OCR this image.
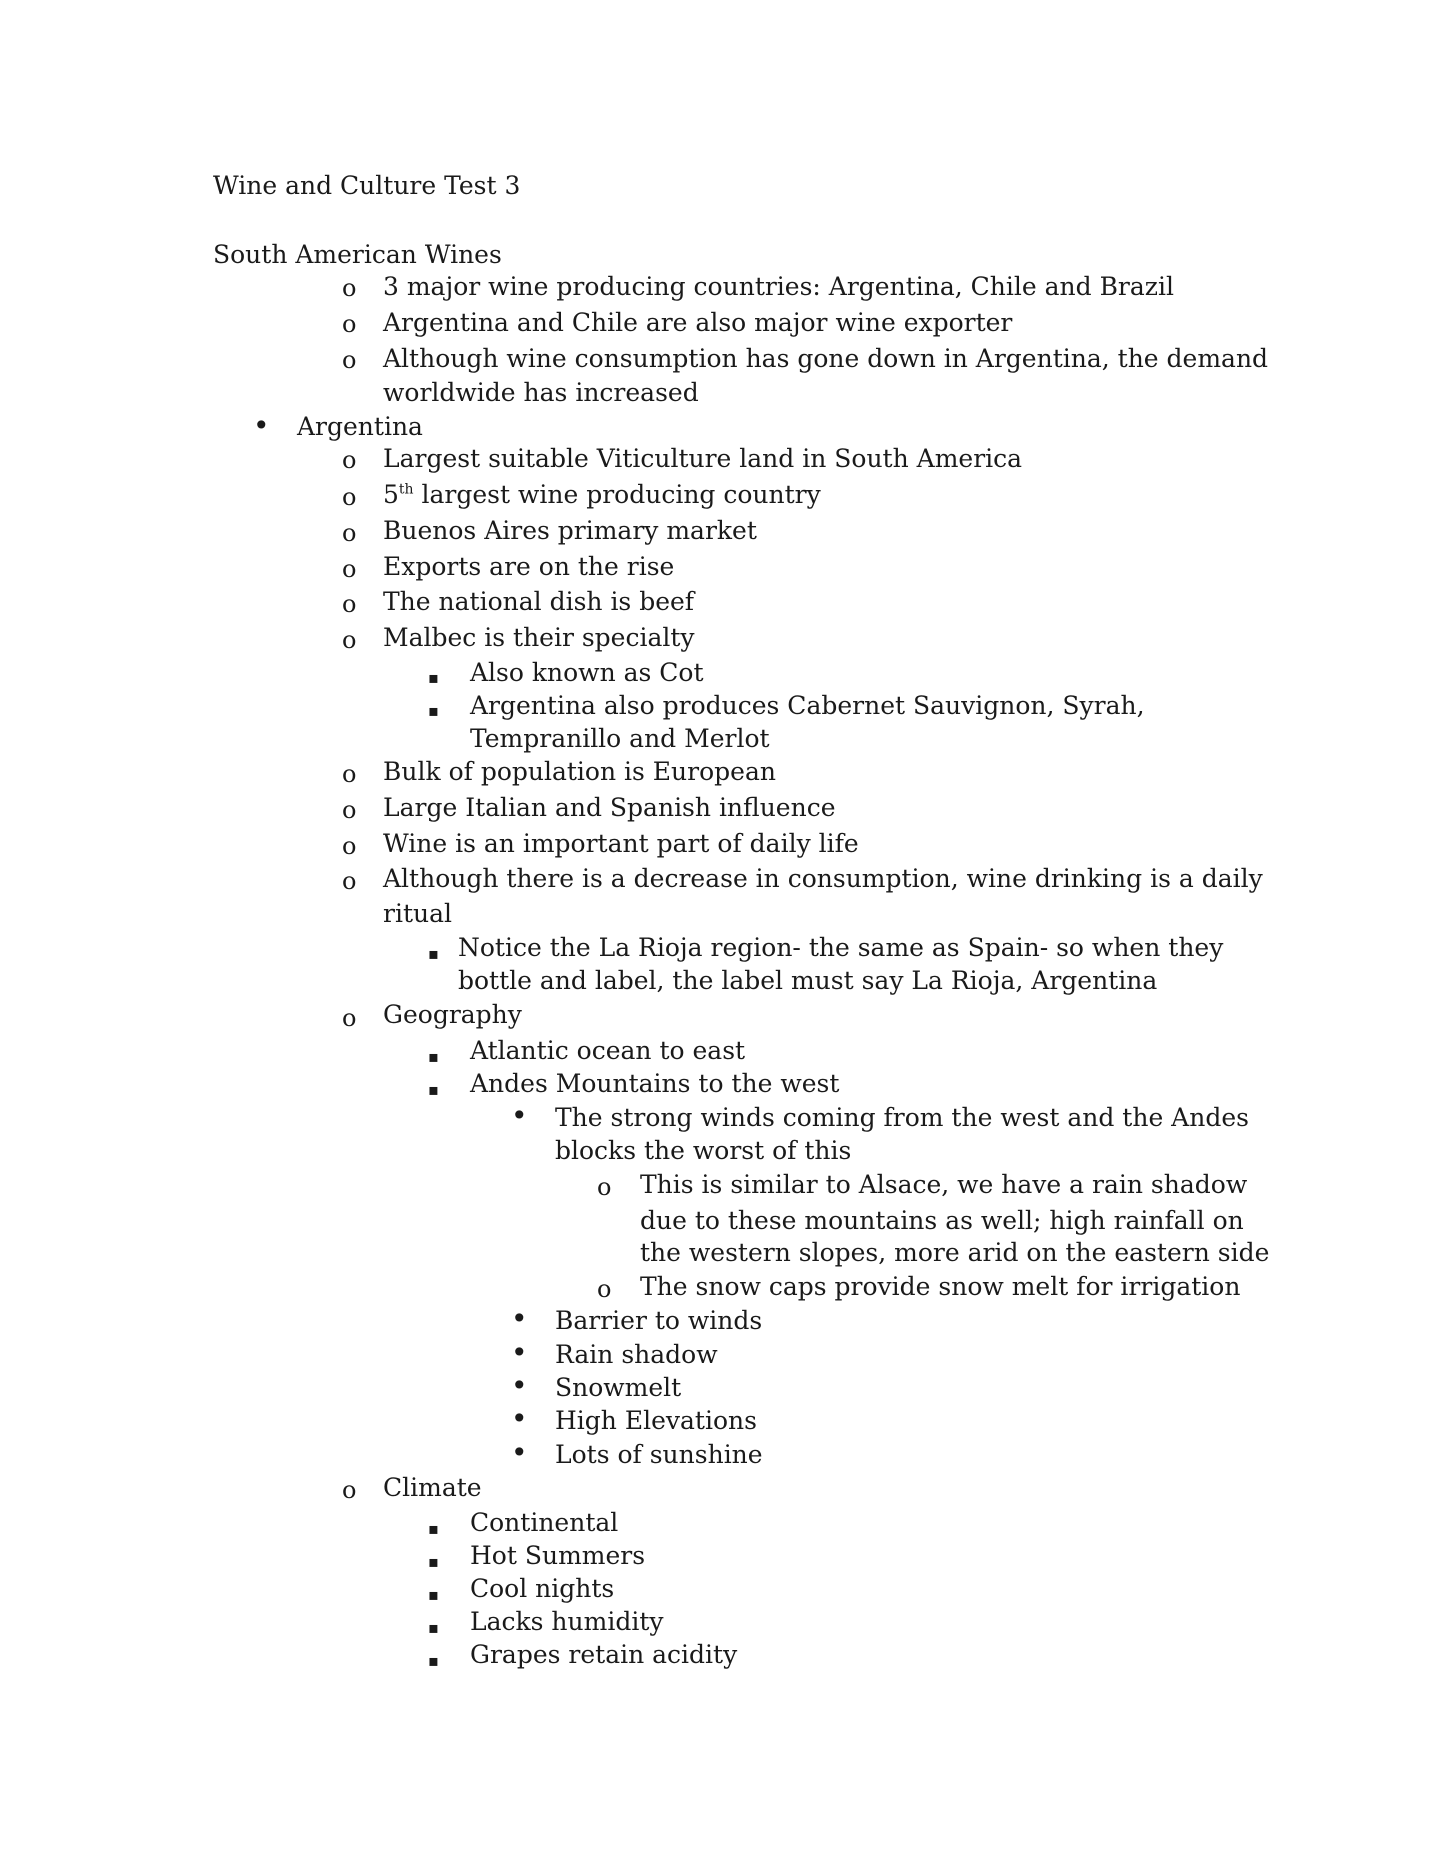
Wine and Culture Test 3
South American Wines
o 3 major wine producing countries: Argentina, Chile and Brazil
o Argentina and Chile are also major wine exporter
o Although wine consumption has gone down in Argentina, the demand
worldwide has increased
• Argentina
o Largest suitable Viticulture land in South America
o 5th largest wine producing country
o Buenos Aires primary market
o Exports are on the rise
o The national dish is beef
o Malbec is their specialty
▪ Also known as Cot
▪ Argentina also produces Cabernet Sauvignon, Syrah,
Tempranillo and Merlot
o Bulk of population is European
o Large Italian and Spanish influence
o Wine is an important part of daily life
o Although there is a decrease in consumption, wine drinking is a daily
ritual
▪ Notice the La Rioja region- the same as Spain- so when they
bottle and label, the label must say La Rioja, Argentina
o Geography
▪ Atlantic ocean to east
▪ Andes Mountains to the west
• The strong winds coming from the west and the Andes
blocks the worst of this
o This is similar to Alsace, we have a rain shadow
due to these mountains as well; high rainfall on
the western slopes, more arid on the eastern side
o The snow caps provide snow melt for irrigation
• Barrier to winds
• Rain shadow
• Snowmelt
• High Elevations
• Lots of sunshine
o Climate
▪ Continental
▪ Hot Summers
▪ Cool nights
▪ Lacks humidity
▪ Grapes retain acidity
